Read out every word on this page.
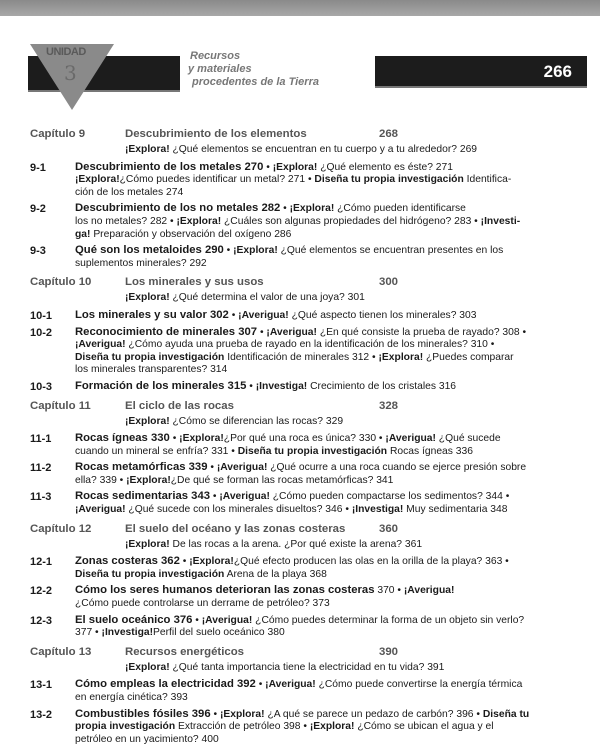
UNIDAD
3
Recursos
y materiales
procedentes de la Tierra
266
Capítulo 9	Descubrimiento de los elementos	268
¡Explora! ¿Qué elementos se encuentran en tu cuerpo y a tu alrededor? 269
9-1	Descubrimiento de los metales 270 • ¡Explora! ¿Qué elemento es éste? 271
¡Explora!¿Cómo puedes identificar un metal? 271 • Diseña tu propia investigación Identifica-
ción de los metales 274
9-2	Descubrimiento de los no metales 282 • ¡Explora! ¿Cómo pueden identificarse
los no metales? 282 • ¡Explora! ¿Cuáles son algunas propiedades del hidrógeno? 283 • ¡Investi-
ga! Preparación y observación del oxígeno 286
9-3	Qué son los metaloides 290 • ¡Explora! ¿Qué elementos se encuentran presentes en los
suplementos minerales? 292
Capítulo 10	Los minerales y sus usos	300
¡Explora! ¿Qué determina el valor de una joya? 301
10-1 Los minerales y su valor 302 • ¡Averigua! ¿Qué aspecto tienen los minerales? 303
10-2 Reconocimiento de minerales 307 • ¡Averigua! ¿En qué consiste la prueba de rayado? 308 •
¡Averigua! ¿Cómo ayuda una prueba de rayado en la identificación de los minerales? 310 •
Diseña tu propia investigación Identificación de minerales 312 • ¡Explora! ¿Puedes comparar
los minerales transparentes? 314
10-3 Formación de los minerales 315 • ¡Investiga! Crecimiento de los cristales 316
Capítulo 11	El ciclo de las rocas	328
¡Explora! ¿Cómo se diferencian las rocas? 329
11-1 Rocas ígneas 330 • ¡Explora!¿Por qué una roca es única? 330 • ¡Averigua! ¿Qué sucede
cuando un mineral se enfría? 331 • Diseña tu propia investigación Rocas ígneas 336
11-2 Rocas metamórficas 339 • ¡Averigua! ¿Qué ocurre a una roca cuando se ejerce presión sobre
ella? 339 • ¡Explora!¿De qué se forman las rocas metamórficas? 341
11-3 Rocas sedimentarias 343 • ¡Averigua! ¿Cómo pueden compactarse los sedimentos? 344 •
¡Averigua! ¿Qué sucede con los minerales disueltos? 346 • ¡Investiga! Muy sedimentaria 348
Capítulo 12	El suelo del océano y las zonas costeras	360
¡Explora! De las rocas a la arena. ¿Por qué existe la arena? 361
12-1 Zonas costeras 362 • ¡Explora!¿Qué efecto producen las olas en la orilla de la playa? 363 •
Diseña tu propia investigación Arena de la playa 368
12-2 Cómo los seres humanos deterioran las zonas costeras 370 • ¡Averigua!
¿Cómo puede controlarse un derrame de petróleo? 373
12-3 El suelo oceánico 376 • ¡Averigua! ¿Cómo puedes determinar la forma de un objeto sin verlo?
377 • ¡Investiga!Perfil del suelo oceánico 380
Capítulo 13	Recursos energéticos	390
¡Explora! ¿Qué tanta importancia tiene la electricidad en tu vida? 391
13-1 Cómo empleas la electricidad 392 • ¡Averigua! ¿Cómo puede convertirse la energía térmica
en energía cinética? 393
13-2 Combustibles fósiles 396 • ¡Explora! ¿A qué se parece un pedazo de carbón? 396 • Diseña tu
propia investigación Extracción de petróleo 398 • ¡Explora! ¿Cómo se ubican el agua y el
petróleo en un yacimiento? 400
